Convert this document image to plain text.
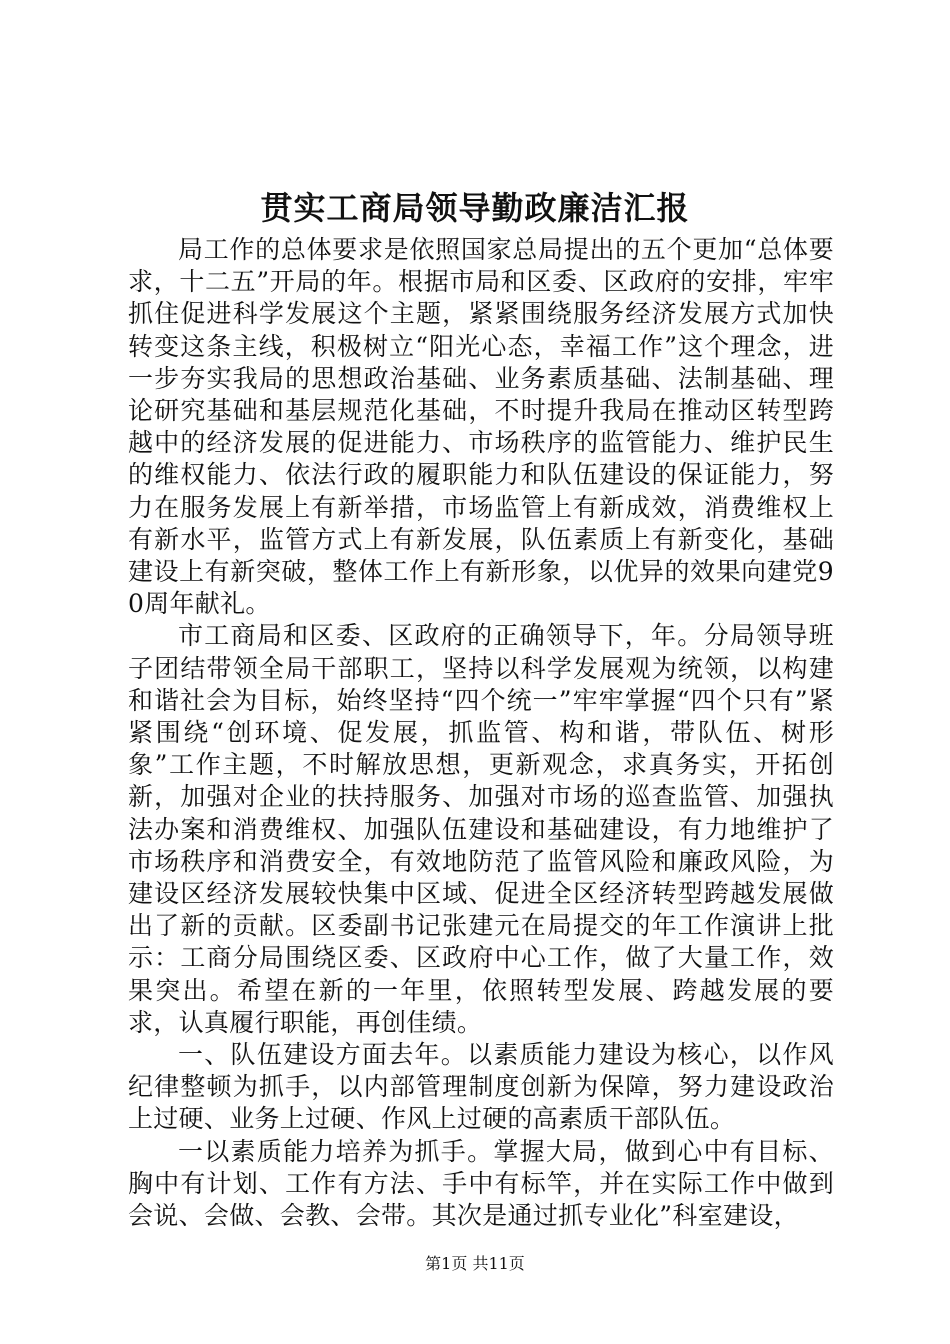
贯实工商局领导勤政廉洁汇报

局工作的总体要求是依照国家总局提出的五个更加“总体要求，十二五”开局的年。根据市局和区委、区政府的安排，牢牢抓住促进科学发展这个主题，紧紧围绕服务经济发展方式加快转变这条主线，积极树立“阳光心态，幸福工作”这个理念，进一步夯实我局的思想政治基础、业务素质基础、法制基础、理论研究基础和基层规范化基础，不时提升我局在推动区转型跨越中的经济发展的促进能力、市场秩序的监管能力、维护民生的维权能力、依法行政的履职能力和队伍建设的保证能力，努力在服务发展上有新举措，市场监管上有新成效，消费维权上有新水平，监管方式上有新发展，队伍素质上有新变化，基础建设上有新突破，整体工作上有新形象，以优异的效果向建党90周年献礼。

市工商局和区委、区政府的正确领导下，年。分局领导班子团结带领全局干部职工，坚持以科学发展观为统领，以构建和谐社会为目标，始终坚持“四个统一”牢牢掌握“四个只有”紧紧围绕“创环境、促发展，抓监管、构和谐，带队伍、树形象”工作主题，不时解放思想，更新观念，求真务实，开拓创新，加强对企业的扶持服务、加强对市场的巡查监管、加强执法办案和消费维权、加强队伍建设和基础建设，有力地维护了市场秩序和消费安全，有效地防范了监管风险和廉政风险，为建设区经济发展较快集中区域、促进全区经济转型跨越发展做出了新的贡献。区委副书记张建元在局提交的年工作演讲上批示：工商分局围绕区委、区政府中心工作，做了大量工作，效果突出。希望在新的一年里，依照转型发展、跨越发展的要求，认真履行职能，再创佳绩。

一、队伍建设方面去年。以素质能力建设为核心，以作风纪律整顿为抓手，以内部管理制度创新为保障，努力建设政治上过硬、业务上过硬、作风上过硬的高素质干部队伍。

一以素质能力培养为抓手。掌握大局，做到心中有目标、胸中有计划、工作有方法、手中有标竿，并在实际工作中做到会说、会做、会教、会带。其次是通过抓专业化”科室建设，

第1页 共11页
